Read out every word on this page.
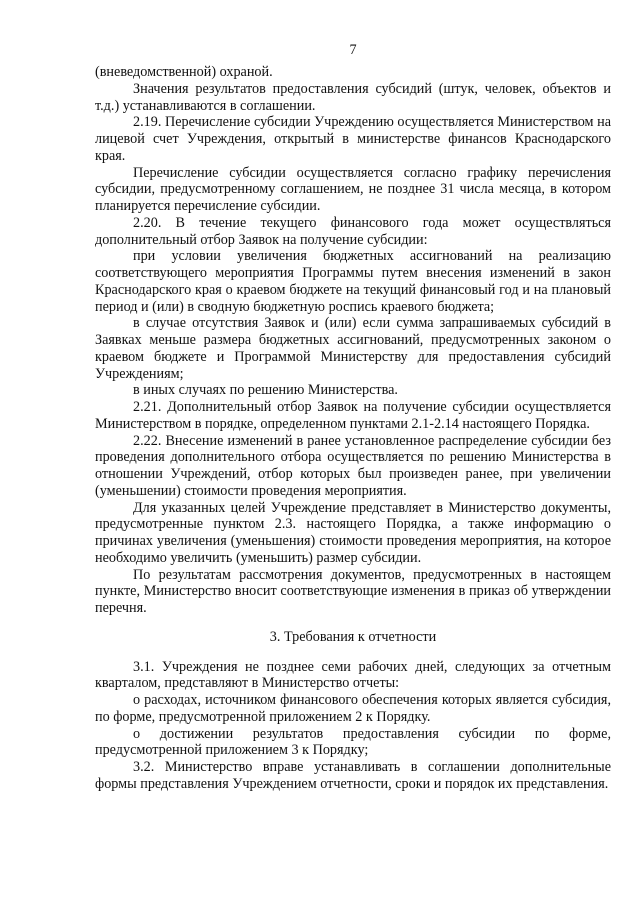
7

(вневедомственной) охраной.

Значения результатов предоставления субсидий (штук, человек, объектов и т.д.) устанавливаются в соглашении.

2.19. Перечисление субсидии Учреждению осуществляется Министерством на лицевой счет Учреждения, открытый в министерстве финансов Краснодарского края.

Перечисление субсидии осуществляется согласно графику перечисления субсидии, предусмотренному соглашением, не позднее 31 числа месяца, в котором планируется перечисление субсидии.

2.20. В течение текущего финансового года может осуществляться дополнительный отбор Заявок на получение субсидии:

при условии увеличения бюджетных ассигнований на реализацию соответствующего мероприятия Программы путем внесения изменений в закон Краснодарского края о краевом бюджете на текущий финансовый год и на плановый период и (или) в сводную бюджетную роспись краевого бюджета;

в случае отсутствия Заявок и (или) если сумма запрашиваемых субсидий в Заявках меньше размера бюджетных ассигнований, предусмотренных законом о краевом бюджете и Программой Министерству для предоставления субсидий Учреждениям;

в иных случаях по решению Министерства.

2.21. Дополнительный отбор Заявок на получение субсидии осуществляется Министерством в порядке, определенном пунктами 2.1-2.14 настоящего Порядка.

2.22. Внесение изменений в ранее установленное распределение субсидии без проведения дополнительного отбора осуществляется по решению Министерства в отношении Учреждений, отбор которых был произведен ранее, при увеличении (уменьшении) стоимости проведения мероприятия.

Для указанных целей Учреждение представляет в Министерство документы, предусмотренные пунктом 2.3. настоящего Порядка, а также информацию о причинах увеличения (уменьшения) стоимости проведения мероприятия, на которое необходимо увеличить (уменьшить) размер субсидии.

По результатам рассмотрения документов, предусмотренных в настоящем пункте, Министерство вносит соответствующие изменения в приказ об утверждении перечня.

3. Требования к отчетности

3.1. Учреждения не позднее семи рабочих дней, следующих за отчетным кварталом, представляют в Министерство отчеты:

о расходах, источником финансового обеспечения которых является субсидия, по форме, предусмотренной приложением 2 к Порядку.

о достижении результатов предоставления субсидии по форме, предусмотренной приложением 3 к Порядку;

3.2. Министерство вправе устанавливать в соглашении дополнительные формы представления Учреждением отчетности, сроки и порядок их представления.
